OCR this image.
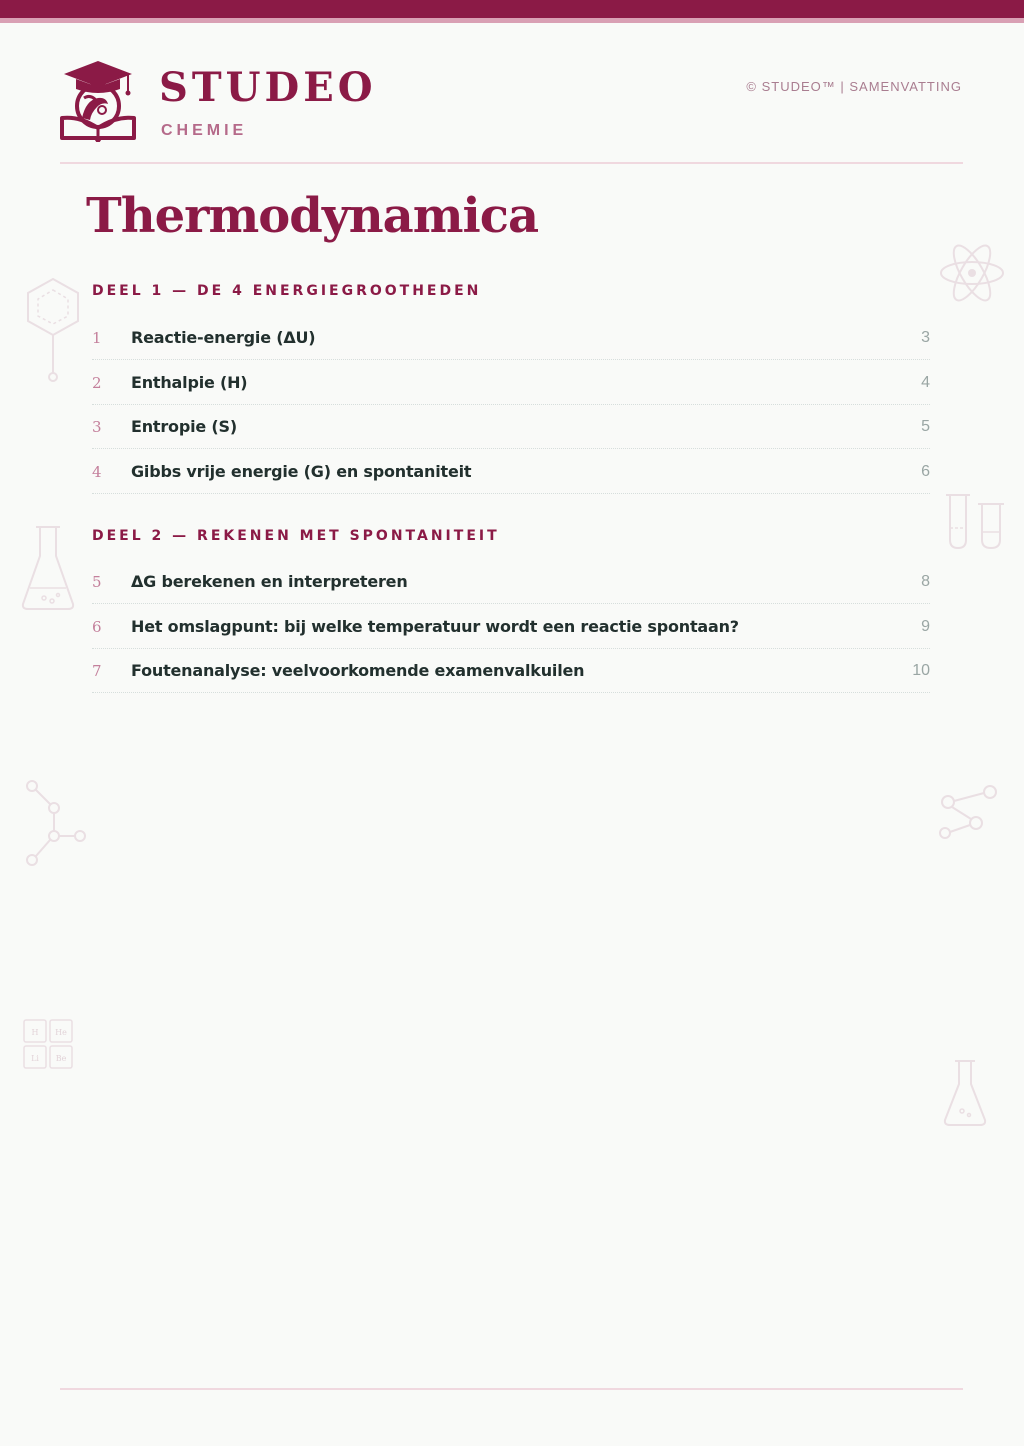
STUDEO
CHEMIE
© STUDEO™ | SAMENVATTING
Thermodynamica
DEEL 1 — DE 4 ENERGIEGROOTHEDEN
1 Reactie-energie (ΔU)	3
2 Enthalpie (H)	4
3 Entropie (S)	5
4 Gibbs vrije energie (G) en spontaniteit	6
DEEL 2 — REKENEN MET SPONTANITEIT
5 ΔG berekenen en interpreteren	8
6 Het omslagpunt: bij welke temperatuur wordt een reactie spontaan?	9
7 Foutenanalyse: veelvoorkomende examenvalkuilen	10
H He
Li Be
